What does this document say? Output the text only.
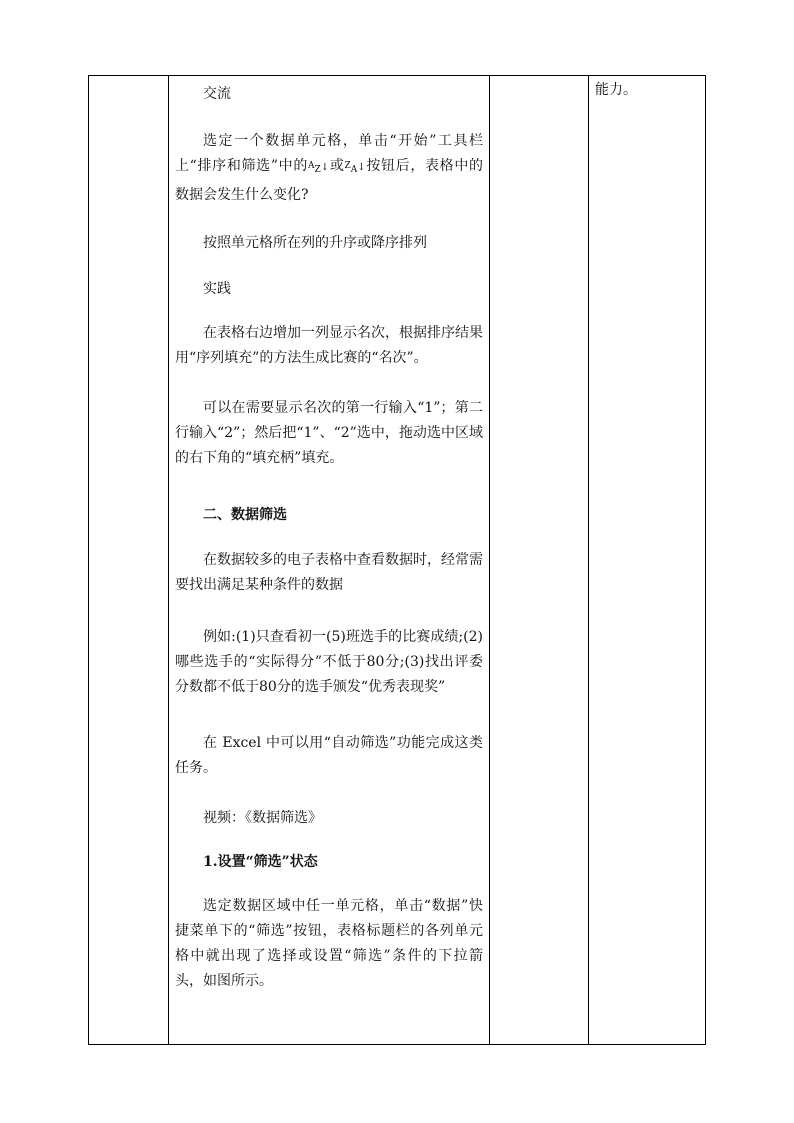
交流

选定一个数据单元格，单击“开始”工具栏上“排序和筛选”中的AZ↓或ZA↓按钮后，表格中的数据会发生什么变化?

按照单元格所在列的升序或降序排列

实践

在表格右边增加一列显示名次，根据排序结果用“序列填充”的方法生成比赛的“名次”。

可以在需要显示名次的第一行输入“1”；第二行输入“2”；然后把“1”、“2”选中，拖动选中区域的右下角的“填充柄”填充。

二、数据筛选

在数据较多的电子表格中查看数据时，经常需要找出满足某种条件的数据

例如:(1)只查看初一(5)班选手的比赛成绩;(2)哪些选手的“实际得分”不低于80分;(3)找出评委分数都不低于80分的选手颁发“优秀表现奖”

在 Excel 中可以用“自动筛选”功能完成这类任务。

视频：《数据筛选》

1.设置“筛选”状态

选定数据区域中任一单元格，单击“数据”快捷菜单下的“筛选”按钮，表格标题栏的各列单元格中就出现了选择或设置“筛选”条件的下拉箭头，如图所示。

能力。
